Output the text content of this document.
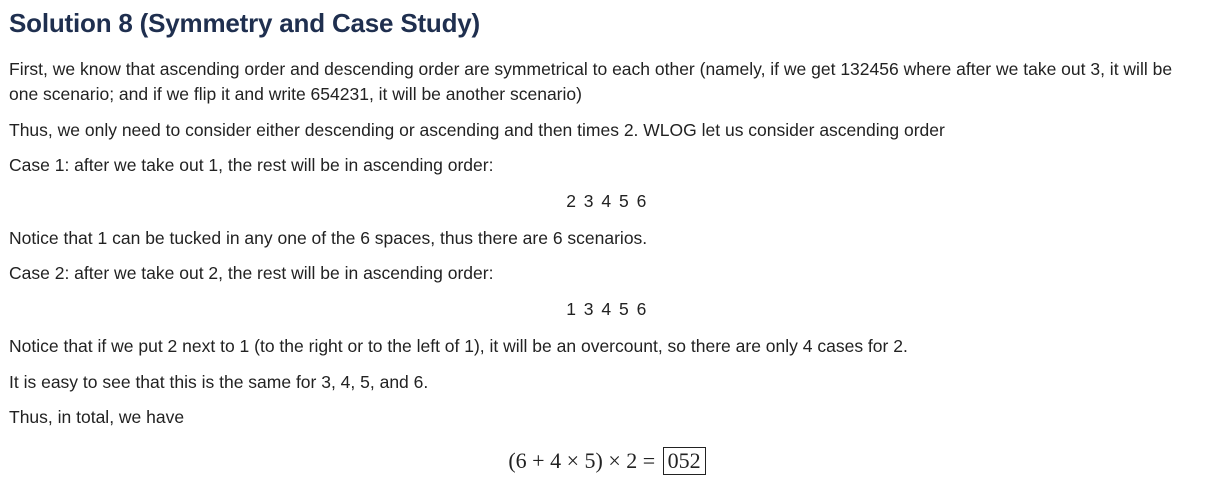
Solution 8 (Symmetry and Case Study)

First, we know that ascending order and descending order are symmetrical to each other (namely, if we get 132456 where after we take out 3, it will be one scenario; and if we flip it and write 654231, it will be another scenario)

Thus, we only need to consider either descending or ascending and then times 2. WLOG let us consider ascending order

Case 1: after we take out 1, the rest will be in ascending order:

2 3 4 5 6

Notice that 1 can be tucked in any one of the 6 spaces, thus there are 6 scenarios.

Case 2: after we take out 2, the rest will be in ascending order:

1 3 4 5 6

Notice that if we put 2 next to 1 (to the right or to the left of 1), it will be an overcount, so there are only 4 cases for 2.

It is easy to see that this is the same for 3, 4, 5, and 6.

Thus, in total, we have

(6 + 4 × 5) × 2 = 052
